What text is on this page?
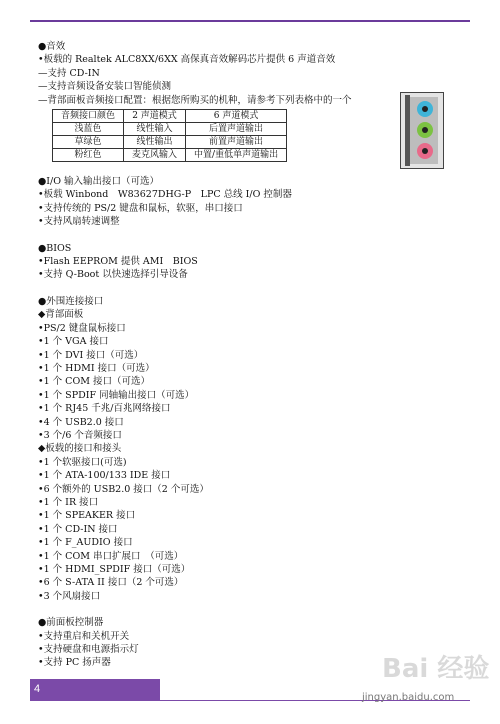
●音效
•板载的 Realtek ALC8XX/6XX 高保真音效解码芯片提供 6 声道音效
—支持 CD-IN
—支持音频设备安装口智能侦测
—背部面板音频接口配置：根据您所购买的机种，请参考下列表格中的一个
音频接口颜色	2 声道模式	6 声道模式
浅蓝色	线性输入	后置声道输出
草绿色	线性输出	前置声道输出
粉红色	麦克风输入	中置/重低单声道输出
●I/O 输入输出接口（可选）
•板载 Winbond　W83627DHG-P　LPC 总线 I/O 控制器
•支持传统的 PS/2 键盘和鼠标，软驱，串口接口
•支持风扇转速调整
●BIOS
•Flash EEPROM 提供 AMI　BIOS
•支持 Q-Boot 以快速选择引导设备
●外围连接接口
◆背部面板
•PS/2 键盘鼠标接口
•1 个 VGA 接口
•1 个 DVI 接口（可选）
•1 个 HDMI 接口（可选）
•1 个 COM 接口（可选）
•1 个 SPDIF 同轴输出接口（可选）
•1 个 RJ45 千兆/百兆网络接口
•4 个 USB2.0 接口
•3 个/6 个音频接口
◆板载的接口和接头
•1 个软驱接口(可选)
•1 个 ATA-100/133 IDE 接口
•6 个额外的 USB2.0 接口（2 个可选）
•1 个 IR 接口
•1 个 SPEAKER 接口
•1 个 CD-IN 接口
•1 个 F_AUDIO 接口
•1 个 COM 串口扩展口　（可选）
•1 个 HDMI_SPDIF 接口（可选）
•6 个 S-ATA II 接口（2 个可选）
•3 个风扇接口
●前面板控制器
•支持重启和关机开关
•支持硬盘和电源指示灯
•支持 PC 扬声器	Bai 经验
4
jingyan.baidu.com
